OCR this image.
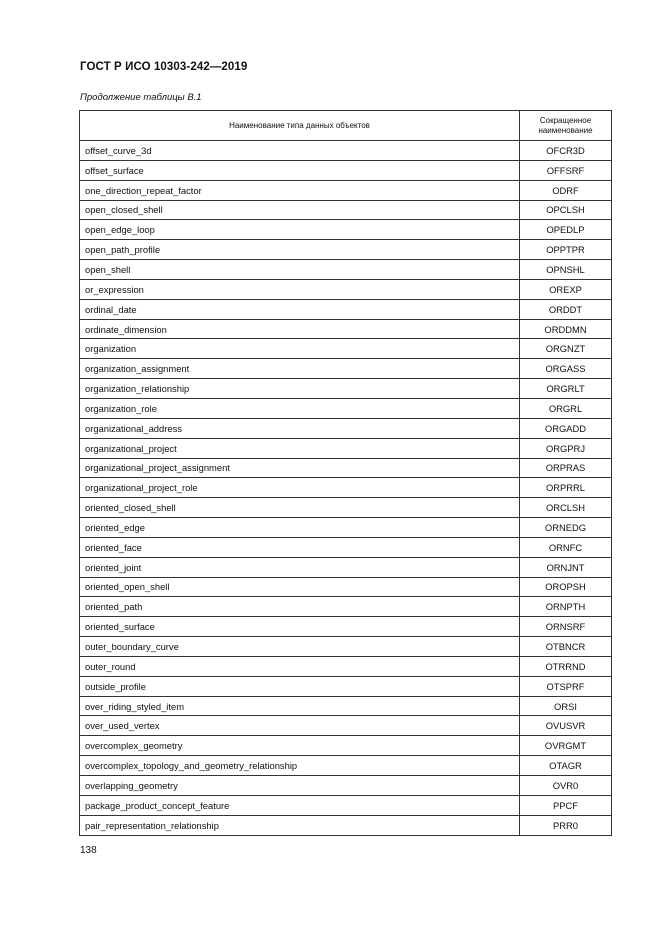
ГОСТ Р ИСО 10303-242—2019
Продолжение таблицы В.1
Наименование типа данных объектов	Сокращенное наименование
offset_curve_3d	OFCR3D
offset_surface	OFFSRF
one_direction_repeat_factor	ODRF
open_closed_shell	OPCLSH
open_edge_loop	OPEDLP
open_path_profile	OPPTPR
open_shell	OPNSHL
or_expression	OREXP
ordinal_date	ORDDT
ordinate_dimension	ORDDMN
organization	ORGNZT
organization_assignment	ORGASS
organization_relationship	ORGRLT
organization_role	ORGRL
organizational_address	ORGADD
organizational_project	ORGPRJ
organizational_project_assignment	ORPRAS
organizational_project_role	ORPRRL
oriented_closed_shell	ORCLSH
oriented_edge	ORNEDG
oriented_face	ORNFC
oriented_joint	ORNJNT
oriented_open_shell	OROPSH
oriented_path	ORNPTH
oriented_surface	ORNSRF
outer_boundary_curve	OTBNCR
outer_round	OTRRND
outside_profile	OTSPRF
over_riding_styled_item	ORSI
over_used_vertex	OVUSVR
overcomplex_geometry	OVRGMT
overcomplex_topology_and_geometry_relationship	OTAGR
overlapping_geometry	OVR0
package_product_concept_feature	PPCF
pair_representation_relationship	PRR0
138
